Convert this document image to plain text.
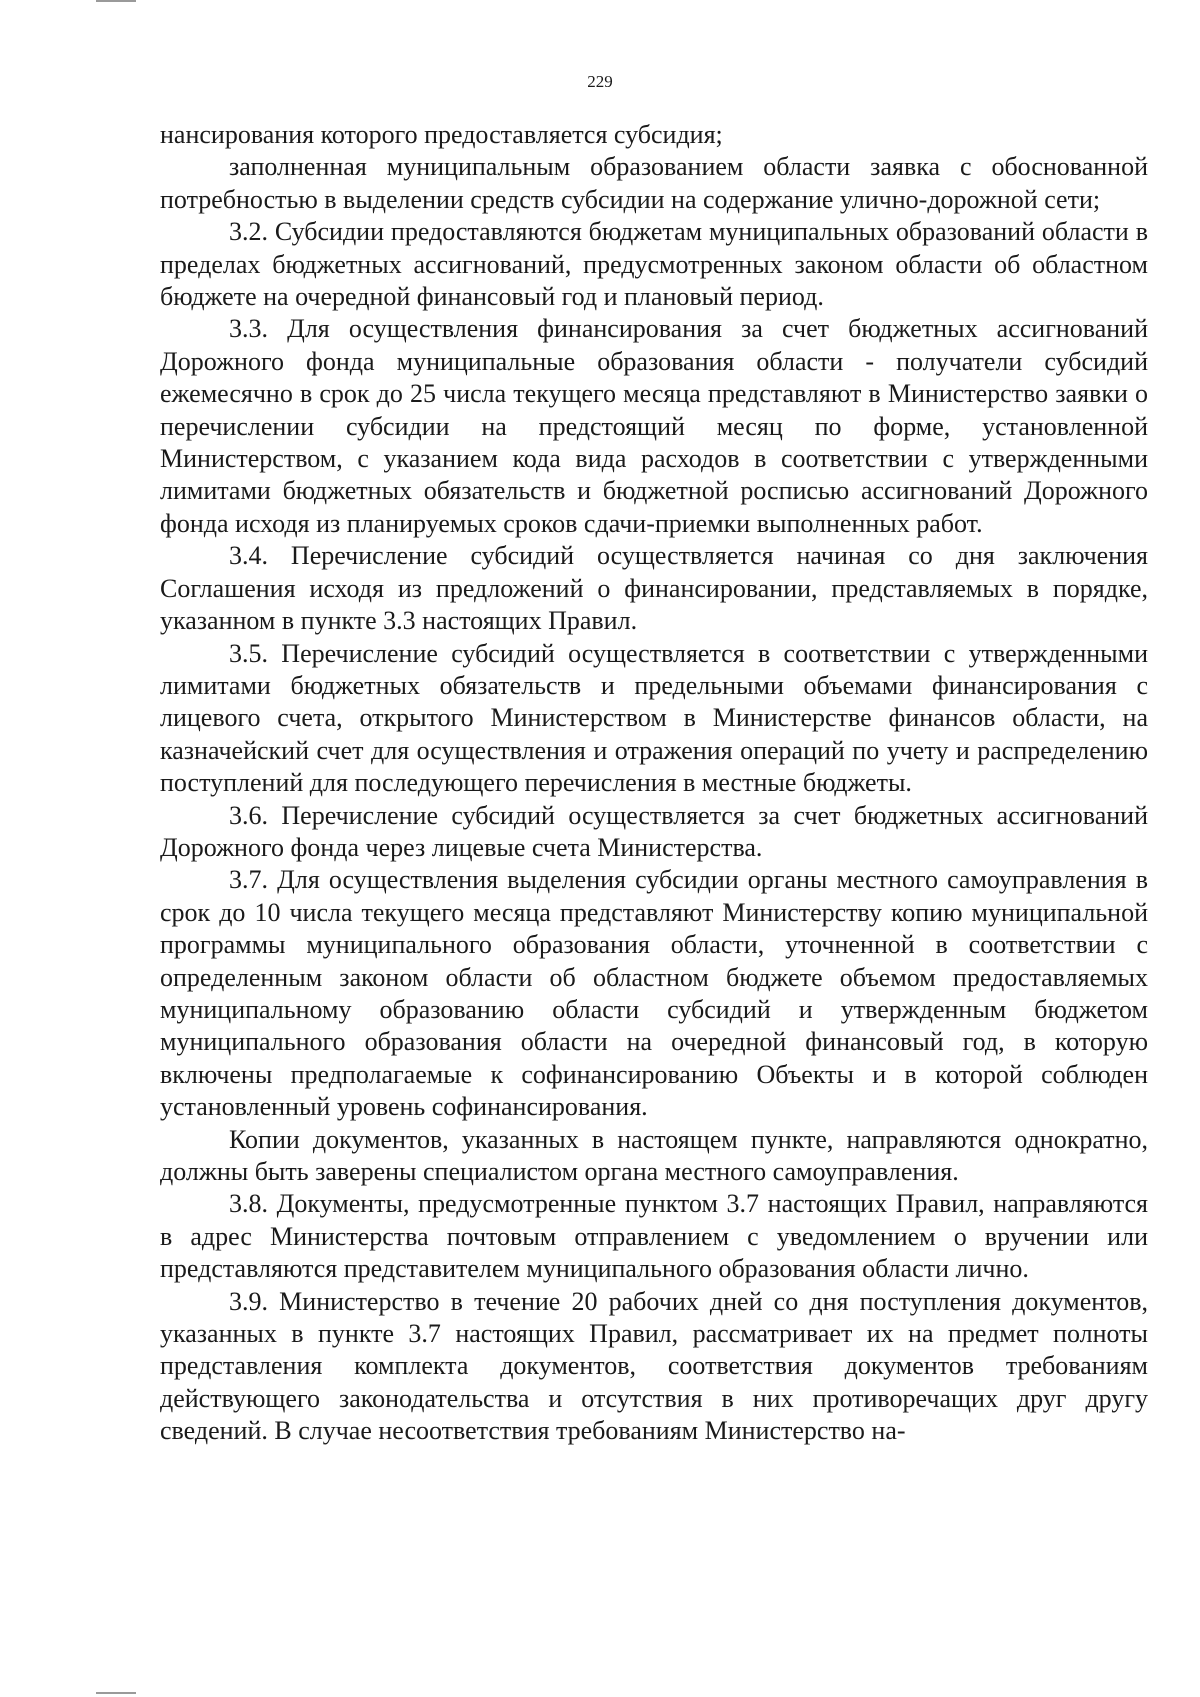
229

нансирования которого предоставляется субсидия;

заполненная муниципальным образованием области заявка с обоснованной потребностью в выделении средств субсидии на содержание улично-дорожной сети;

3.2. Субсидии предоставляются бюджетам муниципальных образований области в пределах бюджетных ассигнований, предусмотренных законом области об областном бюджете на очередной финансовый год и плановый период.

3.3. Для осуществления финансирования за счет бюджетных ассигнований Дорожного фонда муниципальные образования области - получатели субсидий ежемесячно в срок до 25 числа текущего месяца представляют в Министерство заявки о перечислении субсидии на предстоящий месяц по форме, установленной Министерством, с указанием кода вида расходов в соответствии с утвержденными лимитами бюджетных обязательств и бюджетной росписью ассигнований Дорожного фонда исходя из планируемых сроков сдачи-приемки выполненных работ.

3.4. Перечисление субсидий осуществляется начиная со дня заключения Соглашения исходя из предложений о финансировании, представляемых в порядке, указанном в пункте 3.3 настоящих Правил.

3.5. Перечисление субсидий осуществляется в соответствии с утвержденными лимитами бюджетных обязательств и предельными объемами финансирования с лицевого счета, открытого Министерством в Министерстве финансов области, на казначейский счет для осуществления и отражения операций по учету и распределению поступлений для последующего перечисления в местные бюджеты.

3.6. Перечисление субсидий осуществляется за счет бюджетных ассигнований Дорожного фонда через лицевые счета Министерства.

3.7. Для осуществления выделения субсидии органы местного самоуправления в срок до 10 числа текущего месяца представляют Министерству копию муниципальной программы муниципального образования области, уточненной в соответствии с определенным законом области об областном бюджете объемом предоставляемых муниципальному образованию области субсидий и утвержденным бюджетом муниципального образования области на очередной финансовый год, в которую включены предполагаемые к софинансированию Объекты и в которой соблюден установленный уровень софинансирования.

Копии документов, указанных в настоящем пункте, направляются однократно, должны быть заверены специалистом органа местного самоуправления.

3.8. Документы, предусмотренные пунктом 3.7 настоящих Правил, направляются в адрес Министерства почтовым отправлением с уведомлением о вручении или представляются представителем муниципального образования области лично.

3.9. Министерство в течение 20 рабочих дней со дня поступления документов, указанных в пункте 3.7 настоящих Правил, рассматривает их на предмет полноты представления комплекта документов, соответствия документов требованиям действующего законодательства и отсутствия в них противоречащих друг другу сведений. В случае несоответствия требованиям Министерство на-
